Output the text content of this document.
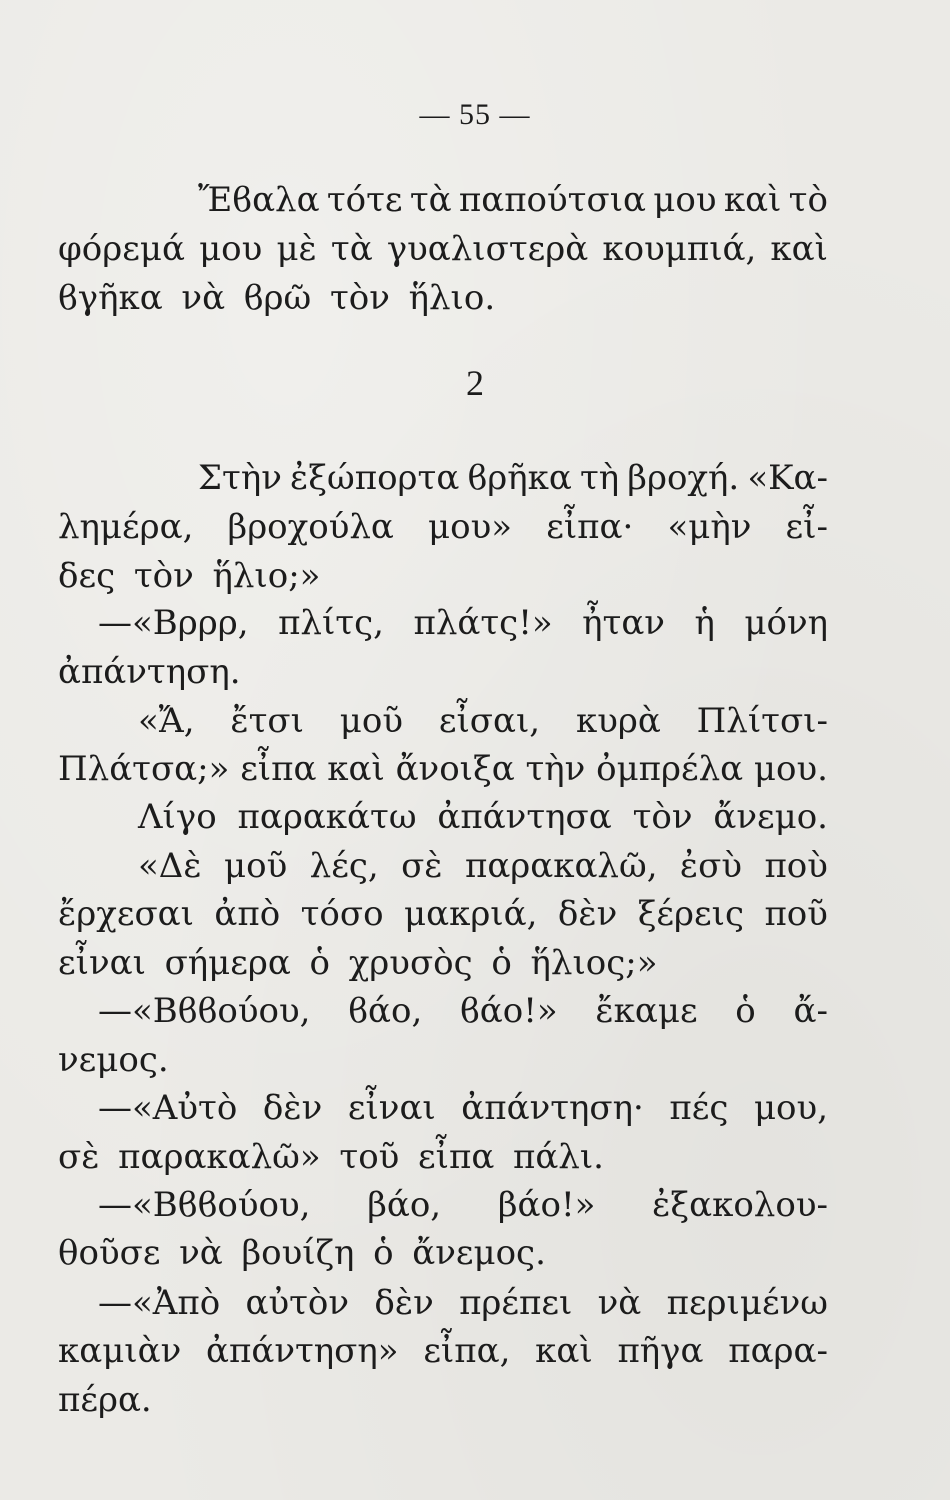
— 55 —
2
Ἔϐαλα τότε τὰ παπούτσια μου καὶ τὸ
φόρεμά μου μὲ τὰ γυαλιστερὰ κουμπιά, καὶ
ϐγῆκα νὰ ϐρῶ τὸν ἥλιο.
Στὴν ἐξώπορτα ϐρῆκα τὴ βροχή. «Κα-
λημέρα, βροχούλα μου» εἶπα· «μὴν εἶ-
δες τὸν ἥλιο;»
—«Βρρρ, πλίτς, πλάτς!» ἦταν ἡ μόνη
ἀπάντηση.
«Ἄ, ἔτσι μοῦ εἶσαι, κυρὰ Πλίτσι-
Πλάτσα;» εἶπα καὶ ἄνοιξα τὴν ὀμπρέλα μου.
Λίγο παρακάτω ἀπάντησα τὸν ἄνεμο.
«Δὲ μοῦ λές, σὲ παρακαλῶ, ἐσὺ ποὺ
ἔρχεσαι ἀπὸ τόσο μακριά, δὲν ξέρεις ποῦ
εἶναι σήμερα ὁ χρυσὸς ὁ ἥλιος;»
—«Βϐϐούου, ϐάο, ϐάο!» ἔκαμε ὁ ἄ-
νεμος.
—«Αὐτὸ δὲν εἶναι ἀπάντηση· πές μου,
σὲ παρακαλῶ» τοῦ εἶπα πάλι.
—«Βϐϐούου, βάο, βάο!» ἐξακολου-
θοῦσε νὰ βουίζη ὁ ἄνεμος.
—«Ἀπὸ αὐτὸν δὲν πρέπει νὰ περιμένω
καμιὰν ἀπάντηση» εἶπα, καὶ πῆγα παρα-
πέρα.
